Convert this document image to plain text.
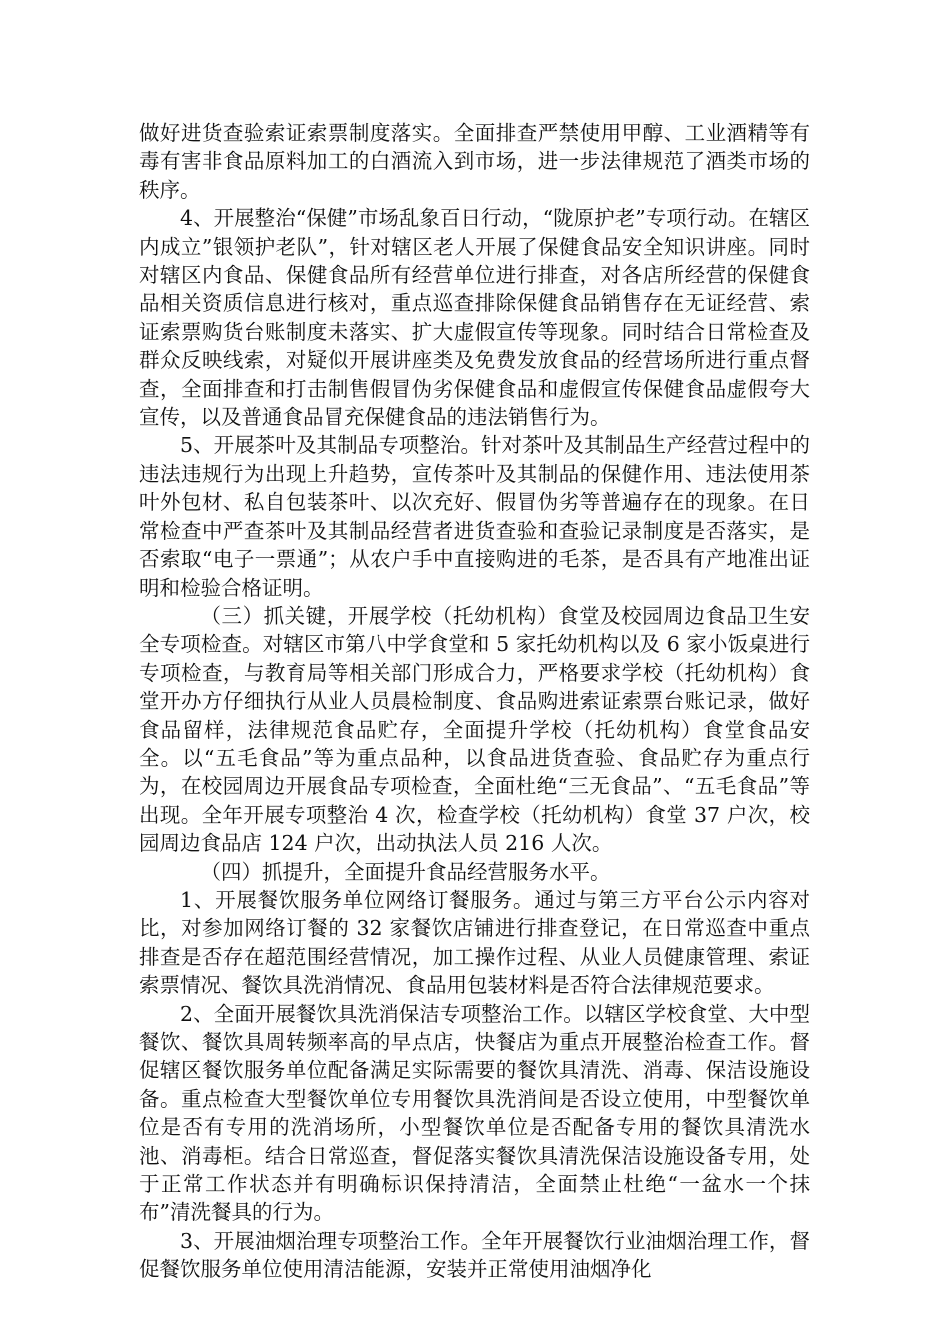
做好进货查验索证索票制度落实。全面排查严禁使用甲醇、工业酒精等有毒有害非食品原料加工的白酒流入到市场，进一步法律规范了酒类市场的秩序。

4、开展整治“保健”市场乱象百日行动，“陇原护老”专项行动。在辖区内成立”银领护老队”，针对辖区老人开展了保健食品安全知识讲座。同时对辖区内食品、保健食品所有经营单位进行排查，对各店所经营的保健食品相关资质信息进行核对，重点巡查排除保健食品销售存在无证经营、索证索票购货台账制度未落实、扩大虚假宣传等现象。同时结合日常检查及群众反映线索，对疑似开展讲座类及免费发放食品的经营场所进行重点督查，全面排查和打击制售假冒伪劣保健食品和虚假宣传保健食品虚假夸大宣传，以及普通食品冒充保健食品的违法销售行为。

5、开展茶叶及其制品专项整治。针对茶叶及其制品生产经营过程中的违法违规行为出现上升趋势，宣传茶叶及其制品的保健作用、违法使用茶叶外包材、私自包装茶叶、以次充好、假冒伪劣等普遍存在的现象。在日常检查中严查茶叶及其制品经营者进货查验和查验记录制度是否落实，是否索取“电子一票通”；从农户手中直接购进的毛茶，是否具有产地准出证明和检验合格证明。

（三）抓关键，开展学校（托幼机构）食堂及校园周边食品卫生安全专项检查。对辖区市第八中学食堂和 5 家托幼机构以及 6 家小饭桌进行专项检查，与教育局等相关部门形成合力，严格要求学校（托幼机构）食堂开办方仔细执行从业人员晨检制度、食品购进索证索票台账记录，做好食品留样，法律规范食品贮存，全面提升学校（托幼机构）食堂食品安全。以“五毛食品”等为重点品种，以食品进货查验、食品贮存为重点行为，在校园周边开展食品专项检查，全面杜绝“三无食品”、“五毛食品”等出现。全年开展专项整治 4 次，检查学校（托幼机构）食堂 37 户次，校园周边食品店 124 户次，出动执法人员 216 人次。

（四）抓提升，全面提升食品经营服务水平。

1、开展餐饮服务单位网络订餐服务。通过与第三方平台公示内容对比，对参加网络订餐的 32 家餐饮店铺进行排查登记，在日常巡查中重点排查是否存在超范围经营情况，加工操作过程、从业人员健康管理、索证索票情况、餐饮具洗消情况、食品用包装材料是否符合法律规范要求。

2、全面开展餐饮具洗消保洁专项整治工作。以辖区学校食堂、大中型餐饮、餐饮具周转频率高的早点店，快餐店为重点开展整治检查工作。督促辖区餐饮服务单位配备满足实际需要的餐饮具清洗、消毒、保洁设施设备。重点检查大型餐饮单位专用餐饮具洗消间是否设立使用，中型餐饮单位是否有专用的洗消场所，小型餐饮单位是否配备专用的餐饮具清洗水池、消毒柜。结合日常巡查，督促落实餐饮具清洗保洁设施设备专用，处于正常工作状态并有明确标识保持清洁，全面禁止杜绝“一盆水一个抹布”清洗餐具的行为。

3、开展油烟治理专项整治工作。全年开展餐饮行业油烟治理工作，督促餐饮服务单位使用清洁能源，安装并正常使用油烟净化
